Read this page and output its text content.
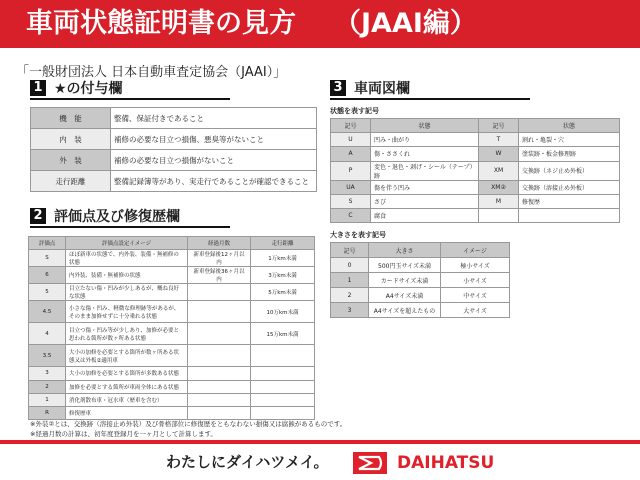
車両状態証明書の見方 （JAAI編）
「一般財団法人 日本自動車査定協会（JAAI）」
1 ★の付与欄
機　能	整備、保証付きであること
内　装	補修の必要な目立つ損傷、悪臭等がないこと
外　装	補修の必要な目立つ損傷がないこと
走行距離	整備記録簿等があり、実走行であることが確認できること
2 評価点及び修復歴欄
評価点	評価点設定イメージ	経過月数	走行距離
S	ほぼ新車の状態で、内外装、装備・無補修の状態	新車登録後12ヶ月以内	1万km未満
6	内外装、装備・無補修の状態	新車登録後36ヶ月以内	3万km未満
5	目立たない傷・凹みが少しあるが、概ね良好な状態		5万km未満
4.5	小さな傷・凹み、軽微な修理跡等があるが、そのまま加修せずに十分乗れる状態		10万km未満
4	目立つ傷・凹み等が少しあり、加修が必要と思われる箇所が数ヶ所ある状態		15万km未満
3.5	大小の加修を必要とする箇所が数ヶ所ある状態又は外板②適用車		
3	大小の加修を必要とする箇所が多数ある状態		
2	加修を必要とする箇所が車両全体にある状態		
1	消化剤散布車・冠水車（歴車を含む）		
R	修復歴車		
※外装②とは、交換跡（溶接止め外装）及び骨格部位に修復歴をともなわない損傷又は腐蝕があるものです。
※経過月数の計算は、初年度登録月を一ヶ月として計算します。
3 車両図欄
状態を表す記号
記号	状態	記号	状態
U	凹み・曲がり	T	割れ・亀裂・穴
A	傷・ささくれ	W	塗装跡・板金修理跡
P	変色・退色・剥げ・シール（テープ）跡	XM	交換跡（ネジ止め外板）
UA	傷を伴う凹み	XM②	交換跡（溶接止め外板）
S	さび	M	修復歴
C	腐食		
大きさを表す記号
記号	大きさ	イメージ
0	500円玉サイズ未満	極小サイズ
1	カードサイズ未満	小サイズ
2	A4サイズ未満	中サイズ
3	A4サイズを超えたもの	大サイズ
わたしにダイハツメイ。	DAIHATSU
